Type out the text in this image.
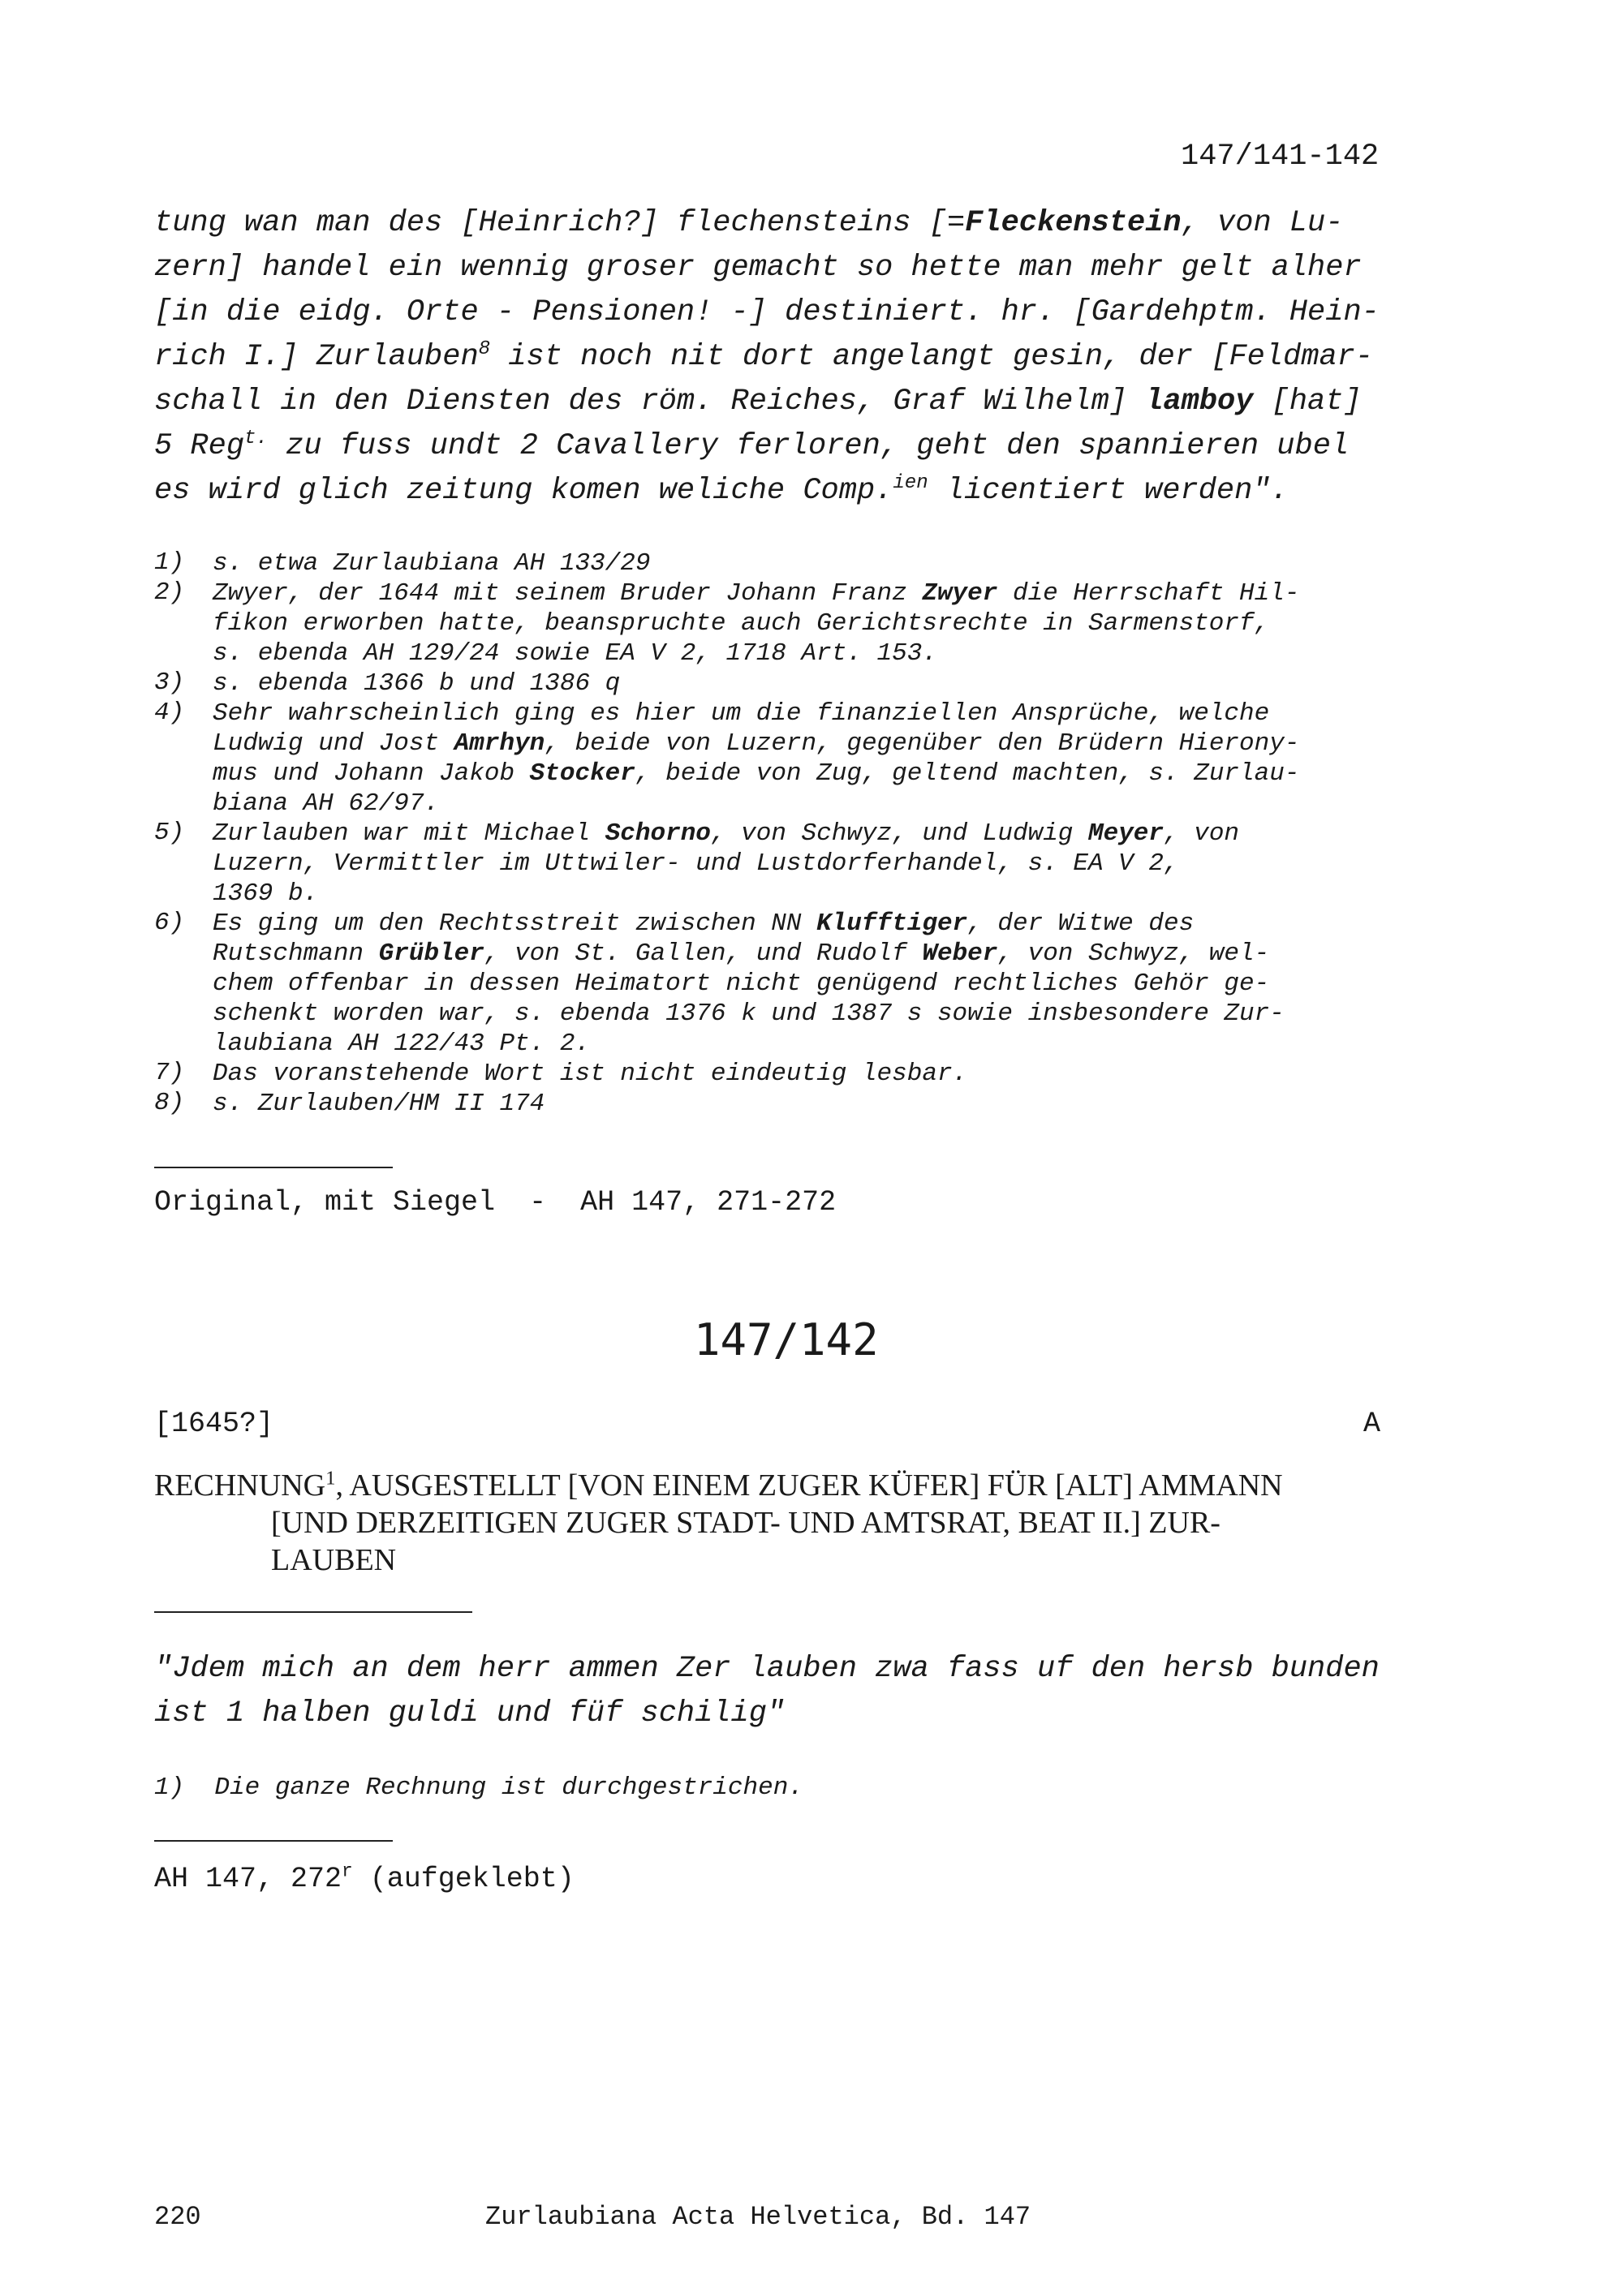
147/141-142
tung wan man des [Heinrich?] flechensteins [=Fleckenstein, von Lu-
zern] handel ein wennig groser gemacht so hette man mehr gelt alher
[in die eidg. Orte - Pensionen! -] destiniert. hr. [Gardehptm. Hein-
rich I.] Zurlauben$^8$ ist noch nit dort angelangt gesin, der [Feldmar-
schall in den Diensten des röm. Reiches, Graf Wilhelm] lamboy [hat]
5 Reg$^{t.}$ zu fuss undt 2 Cavallery ferloren, geht den spannieren ubel
es wird glich zeitung komen weliche Comp.$^{ien}$ licentiert werden".
1) s. etwa Zurlaubiana AH 133/29
2) Zwyer, der 1644 mit seinem Bruder Johann Franz Zwyer die Herrschaft Hil-
fikon erworben hatte, beanspruchte auch Gerichtsrechte in Sarmenstorf,
s. ebenda AH 129/24 sowie EA V 2, 1718 Art. 153.
3) s. ebenda 1366 b und 1386 q
4) Sehr wahrscheinlich ging es hier um die finanziellen Ansprüche, welche
Ludwig und Jost Amrhyn, beide von Luzern, gegenüber den Brüdern Hierony-
mus und Johann Jakob Stocker, beide von Zug, geltend machten, s. Zurlau-
biana AH 62/97.
5) Zurlauben war mit Michael Schorno, von Schwyz, und Ludwig Meyer, von
Luzern, Vermittler im Uttwiler- und Lustdorferhandel, s. EA V 2,
1369 b.
6) Es ging um den Rechtsstreit zwischen NN Klufftiger, der Witwe des
Rutschmann Grübler, von St. Gallen, und Rudolf Weber, von Schwyz, wel-
chem offenbar in dessen Heimatort nicht genügend rechtliches Gehör ge-
schenkt worden war, s. ebenda 1376 k und 1387 s sowie insbesondere Zur-
laubiana AH 122/43 Pt. 2.
7) Das voranstehende Wort ist nicht eindeutig lesbar.
8) s. Zurlauben/HM II 174
Original, mit Siegel  -  AH 147, 271-272
147/142
[1645?]	A
RECHNUNG$^1$, AUSGESTELLT [VON EINEM ZUGER KÜFER] FÜR [ALT] AMMANN
[UND DERZEITIGEN ZUGER STADT- UND AMTSRAT, BEAT II.] ZUR-
LAUBEN
"Jdem mich an dem herr ammen Zer lauben zwa fass uf den hersb bunden
ist 1 halben guldi und füf schilig"
1)  Die ganze Rechnung ist durchgestrichen.
AH 147, 272$^r$ (aufgeklebt)
220	Zurlaubiana Acta Helvetica, Bd. 147
